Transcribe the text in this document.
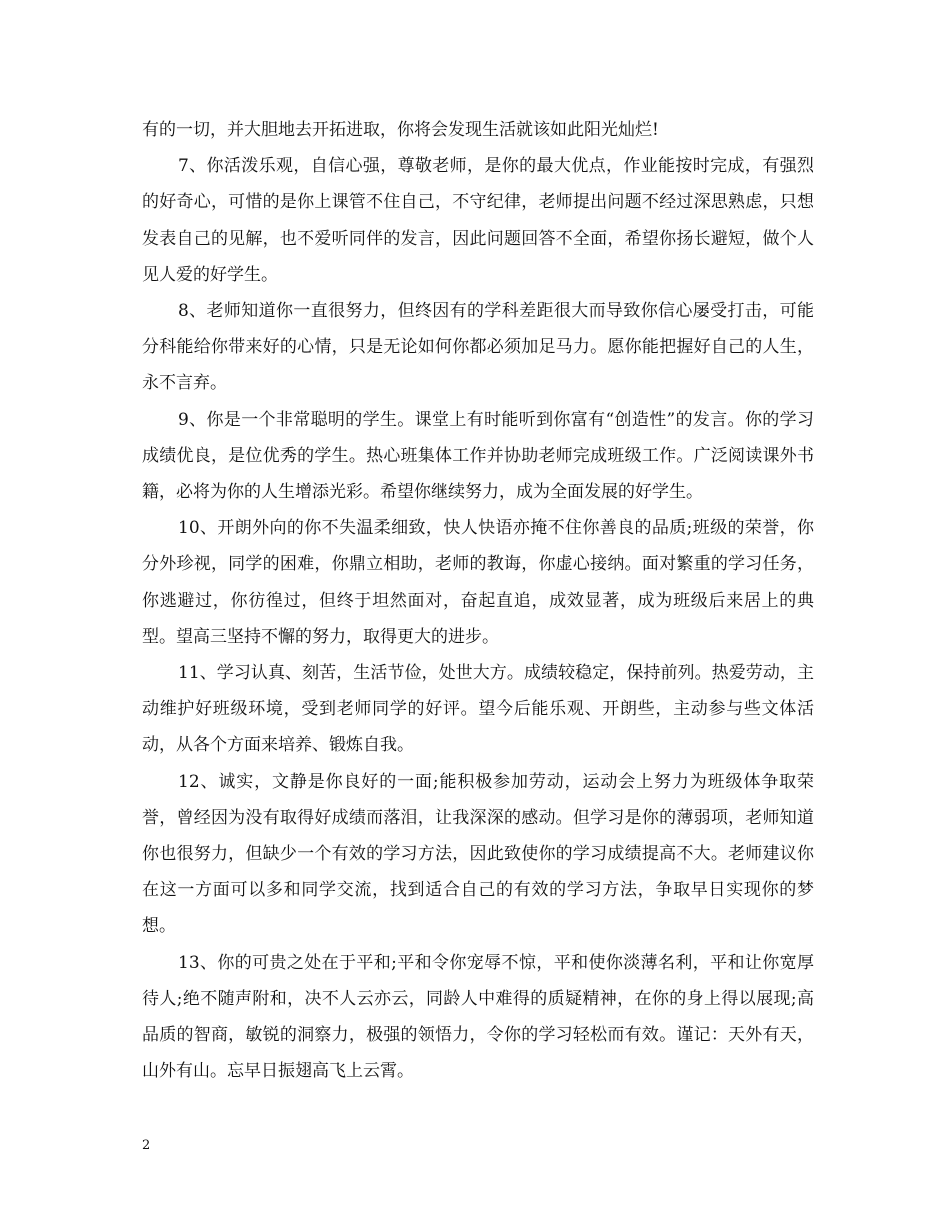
有的一切，并大胆地去开拓进取，你将会发现生活就该如此阳光灿烂!

7、你活泼乐观，自信心强，尊敬老师，是你的最大优点，作业能按时完成，有强烈的好奇心，可惜的是你上课管不住自己，不守纪律，老师提出问题不经过深思熟虑，只想发表自己的见解，也不爱听同伴的发言，因此问题回答不全面，希望你扬长避短，做个人见人爱的好学生。

8、老师知道你一直很努力，但终因有的学科差距很大而导致你信心屡受打击，可能分科能给你带来好的心情，只是无论如何你都必须加足马力。愿你能把握好自己的人生，永不言弃。

9、你是一个非常聪明的学生。课堂上有时能听到你富有“创造性”的发言。你的学习成绩优良，是位优秀的学生。热心班集体工作并协助老师完成班级工作。广泛阅读课外书籍，必将为你的人生增添光彩。希望你继续努力，成为全面发展的好学生。

10、开朗外向的你不失温柔细致，快人快语亦掩不住你善良的品质;班级的荣誉，你分外珍视，同学的困难，你鼎立相助，老师的教诲，你虚心接纳。面对繁重的学习任务，你逃避过，你彷徨过，但终于坦然面对，奋起直追，成效显著，成为班级后来居上的典型。望高三坚持不懈的努力，取得更大的进步。

11、学习认真、刻苦，生活节俭，处世大方。成绩较稳定，保持前列。热爱劳动，主动维护好班级环境，受到老师同学的好评。望今后能乐观、开朗些，主动参与些文体活动，从各个方面来培养、锻炼自我。

12、诚实，文静是你良好的一面;能积极参加劳动，运动会上努力为班级体争取荣誉，曾经因为没有取得好成绩而落泪，让我深深的感动。但学习是你的薄弱项，老师知道你也很努力，但缺少一个有效的学习方法，因此致使你的学习成绩提高不大。老师建议你在这一方面可以多和同学交流，找到适合自己的有效的学习方法，争取早日实现你的梦想。

13、你的可贵之处在于平和;平和令你宠辱不惊，平和使你淡薄名利，平和让你宽厚待人;绝不随声附和，决不人云亦云，同龄人中难得的质疑精神，在你的身上得以展现;高品质的智商，敏锐的洞察力，极强的领悟力，令你的学习轻松而有效。谨记：天外有天，山外有山。忘早日振翅高飞上云霄。

2
